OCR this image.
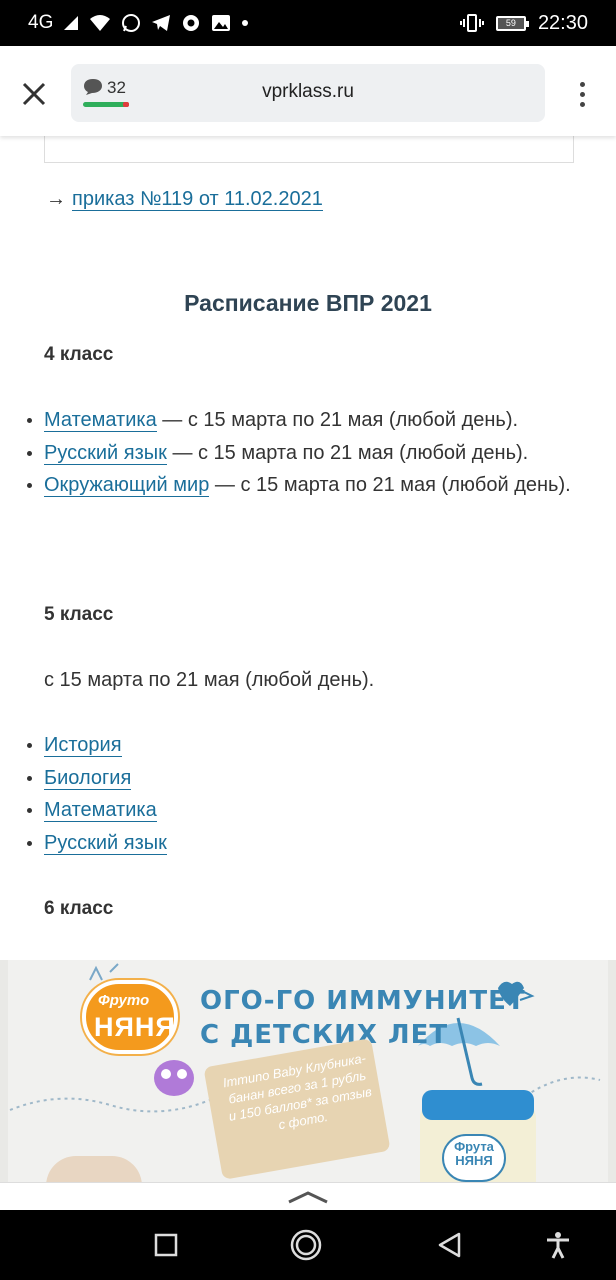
4G	59	22:30
32	vprklass.ru
→ приказ №119 от 11.02.2021
Расписание ВПР 2021
4 класс
Математика — с 15 марта по 21 мая (любой день).
Русский язык — с 15 марта по 21 мая (любой день).
Окружающий мир — с 15 марта по 21 мая (любой день).
5 класс
с 15 марта по 21 мая (любой день).
История
Биология
Математика
Русский язык
6 класс
Фруто
НЯНЯ
ОГО-ГО ИММУНИТЕТ
С ДЕТСКИХ ЛЕТ
Immuno Baby Клубника-банан всего за 1 рубль и 150 баллов* за отзыв с фото.
Фрута НЯНЯ
